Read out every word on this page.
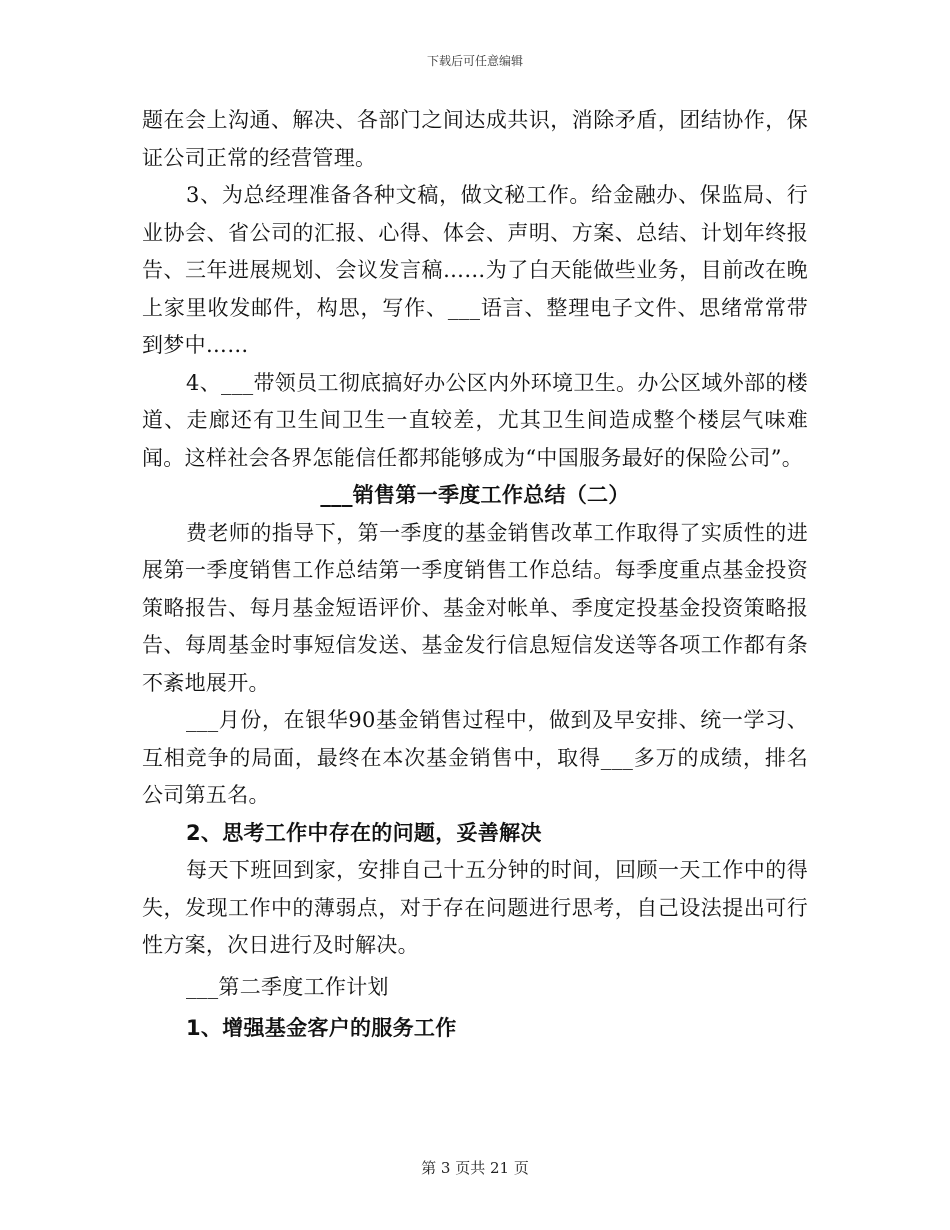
下载后可任意编辑

题在会上沟通、解决、各部门之间达成共识，消除矛盾，团结协作，保证公司正常的经营管理。

3、为总经理准备各种文稿，做文秘工作。给金融办、保监局、行业协会、省公司的汇报、心得、体会、声明、方案、总结、计划年终报告、三年进展规划、会议发言稿……为了白天能做些业务，目前改在晚上家里收发邮件，构思，写作、___语言、整理电子文件、思绪常常带到梦中……

4、___带领员工彻底搞好办公区内外环境卫生。办公区域外部的楼道、走廊还有卫生间卫生一直较差，尤其卫生间造成整个楼层气味难闻。这样社会各界怎能信任都邦能够成为“中国服务最好的保险公司”。

___销售第一季度工作总结（二）

费老师的指导下，第一季度的基金销售改革工作取得了实质性的进展第一季度销售工作总结第一季度销售工作总结。每季度重点基金投资策略报告、每月基金短语评价、基金对帐单、季度定投基金投资策略报告、每周基金时事短信发送、基金发行信息短信发送等各项工作都有条不紊地展开。

___月份，在银华90基金销售过程中，做到及早安排、统一学习、互相竞争的局面，最终在本次基金销售中，取得___多万的成绩，排名公司第五名。

2、思考工作中存在的问题，妥善解决

每天下班回到家，安排自己十五分钟的时间，回顾一天工作中的得失，发现工作中的薄弱点，对于存在问题进行思考，自己设法提出可行性方案，次日进行及时解决。

___第二季度工作计划

1、增强基金客户的服务工作

第 3 页共 21 页
